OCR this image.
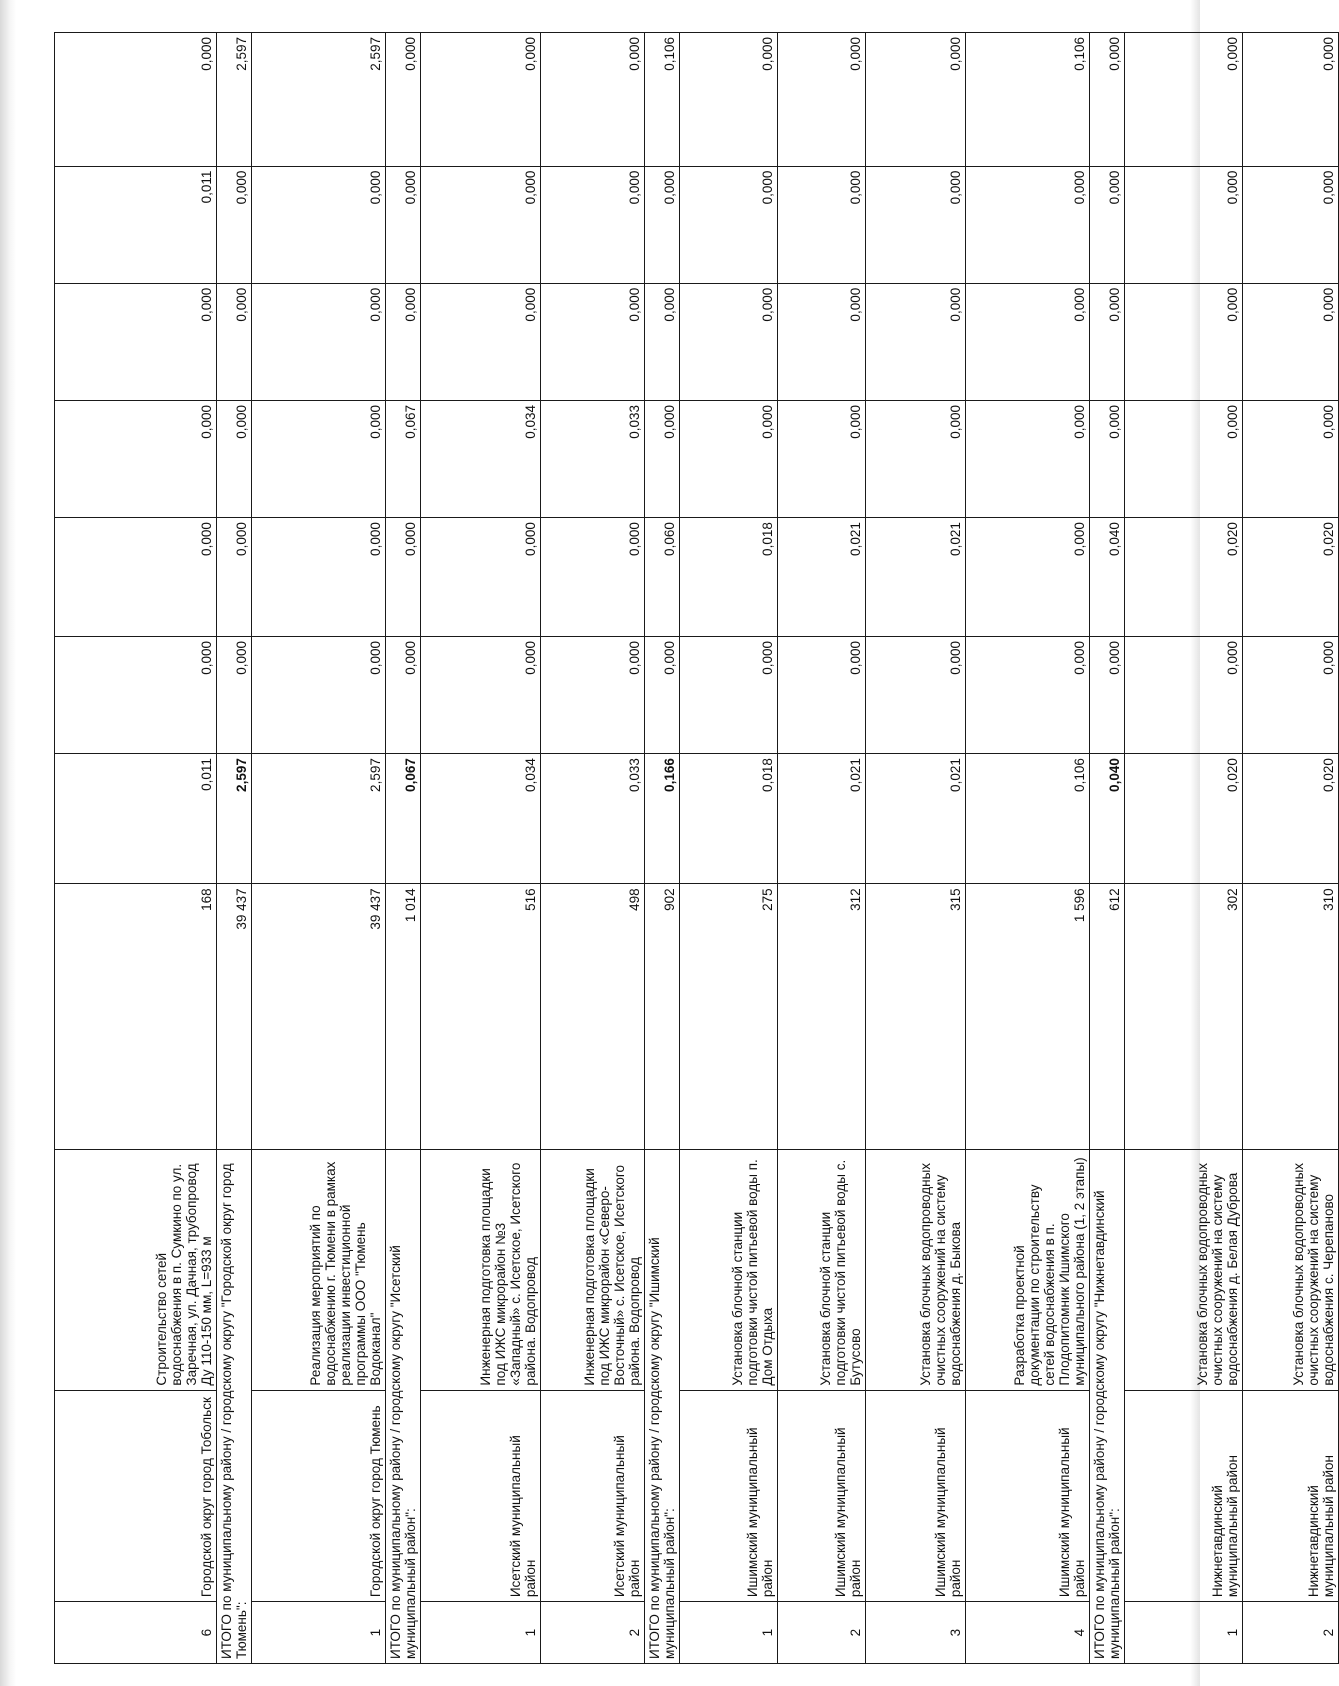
6	Городской округ город Тобольск	Строительство сетей водоснабжения в п. Сумкино по ул. Заречная, ул. Дачная, трубопровод Ду 110-150 мм, L=933 м	168	0,011	0,000	0,000	0,000	0,000	0,011	0,000
ИТОГО по муниципальному району / городскому округу "Городской округ город Тюмень":			39 437	2,597	0,000	0,000	0,000	0,000	0,000	2,597
1	Городской округ город Тюмень	Реализация мероприятий по водоснабжению г. Тюмени в рамках реализации инвестиционной программы ООО "Тюмень Водоканал"	39 437	2,597	0,000	0,000	0,000	0,000	0,000	2,597
ИТОГО по муниципальному району / городскому округу "Исетский муниципальный район":			1 014	0,067	0,000	0,000	0,067	0,000	0,000	0,000
1	Исетский муниципальный район	Инженерная подготовка площадки под ИЖС микрорайон №3 «Западный» с. Исетское, Исетского района. Водопровод	516	0,034	0,000	0,000	0,034	0,000	0,000	0,000
2	Исетский муниципальный район	Инженерная подготовка площадки под ИЖС микрорайон «Северо-Восточный» с. Исетское, Исетского района. Водопровод	498	0,033	0,000	0,000	0,033	0,000	0,000	0,000
ИТОГО по муниципальному району / городскому округу "Ишимский муниципальный район":			902	0,166	0,000	0,060	0,000	0,000	0,000	0,106
1	Ишимский муниципальный район	Установка блочной станции подготовки чистой питьевой воды п. Дом Отдыха	275	0,018	0,000	0,018	0,000	0,000	0,000	0,000
2	Ишимский муниципальный район	Установка блочной станции подготовки чистой питьевой воды с. Бутусово	312	0,021	0,000	0,021	0,000	0,000	0,000	0,000
3	Ишимский муниципальный район	Установка блочных водопроводных очистных сооружений на систему водоснабжения д. Быкова	315	0,021	0,000	0,021	0,000	0,000	0,000	0,000
4	Ишимский муниципальный район	Разработка проектной документации по строительству сетей водоснабжения в п. Плодопитомник Ишимского муниципального района (1, 2 этапы)	1 596	0,106	0,000	0,000	0,000	0,000	0,000	0,106
ИТОГО по муниципальному району / городскому округу "Нижнетавдинский муниципальный район":			612	0,040	0,000	0,040	0,000	0,000	0,000	0,000
1	Нижнетавдинский муниципальный район	Установка блочных водопроводных очистных сооружений на систему водоснабжения д. Белая Дуброва	302	0,020	0,000	0,020	0,000	0,000	0,000	0,000
2	Нижнетавдинский муниципальный район	Установка блочных водопроводных очистных сооружений на систему водоснабжения с. Черепаново	310	0,020	0,000	0,020	0,000	0,000	0,000	0,000
